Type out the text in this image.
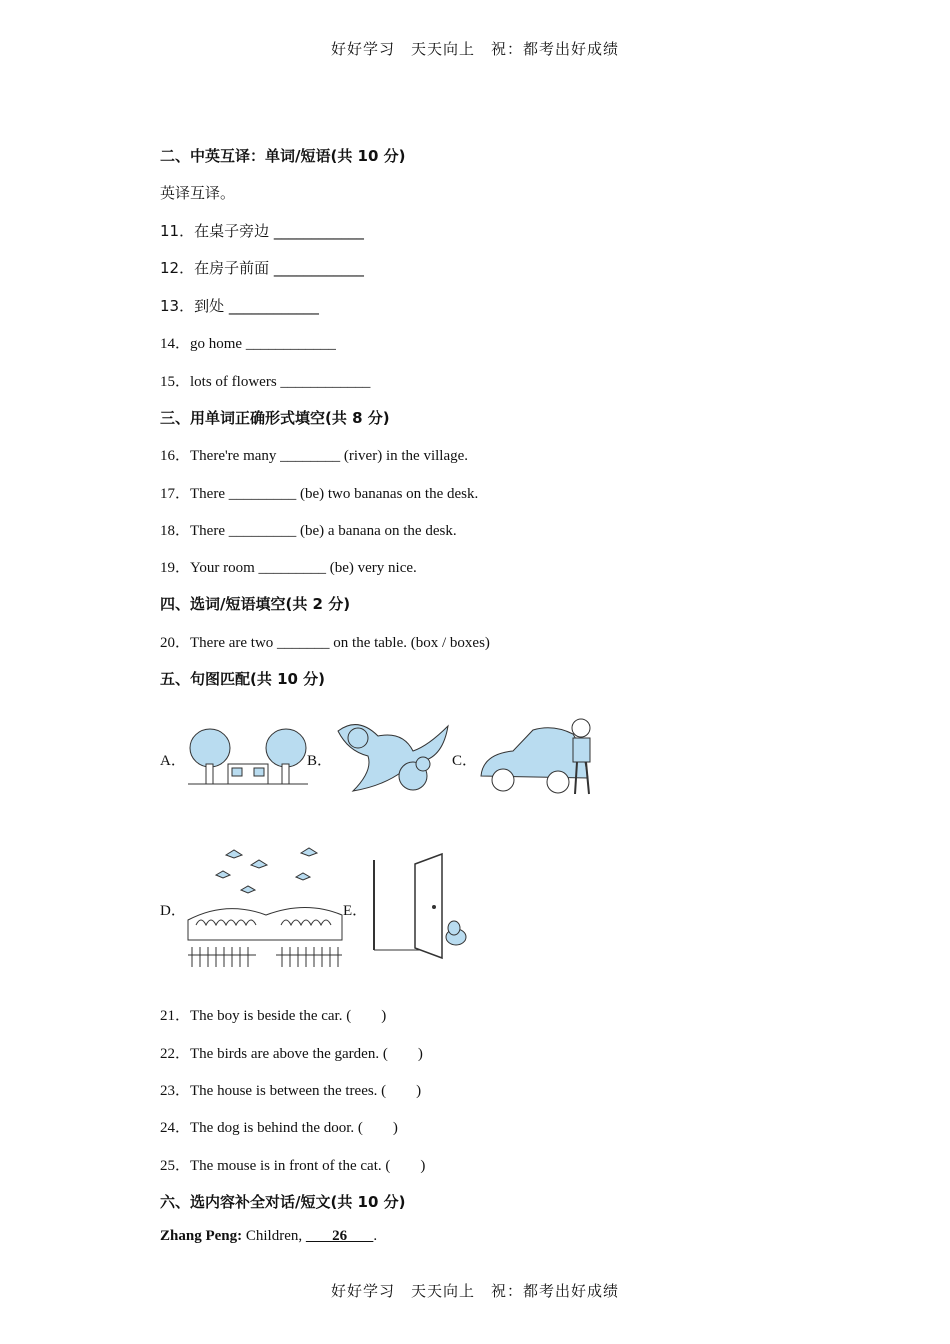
好好学习　天天向上　祝：都考出好成绩
二、中英互译：单词/短语(共 10 分)
英译互译。
11．在桌子旁边 ____________
12．在房子前面 ____________
13．到处 ____________
14．go home ____________
15．lots of flowers ____________
三、用单词正确形式填空(共 8 分)
16．There're many ________ (river) in the village.
17．There _________ (be) two bananas on the desk.
18．There _________ (be) a banana on the desk.
19．Your room _________ (be) very nice.
四、选词/短语填空(共 2 分)
20．There are two _______ on the table. (box / boxes)
五、句图匹配(共 10 分)
A．	B．	C．
D．	E．
21．The boy is beside the car. (　　)
22．The birds are above the garden. (　　)
23．The house is between the trees. (　　)
24．The dog is behind the door. (　　)
25．The mouse is in front of the cat. (　　)
六、选内容补全对话/短文(共 10 分)
Zhang Peng: Children,        26       .
好好学习　天天向上　祝：都考出好成绩
